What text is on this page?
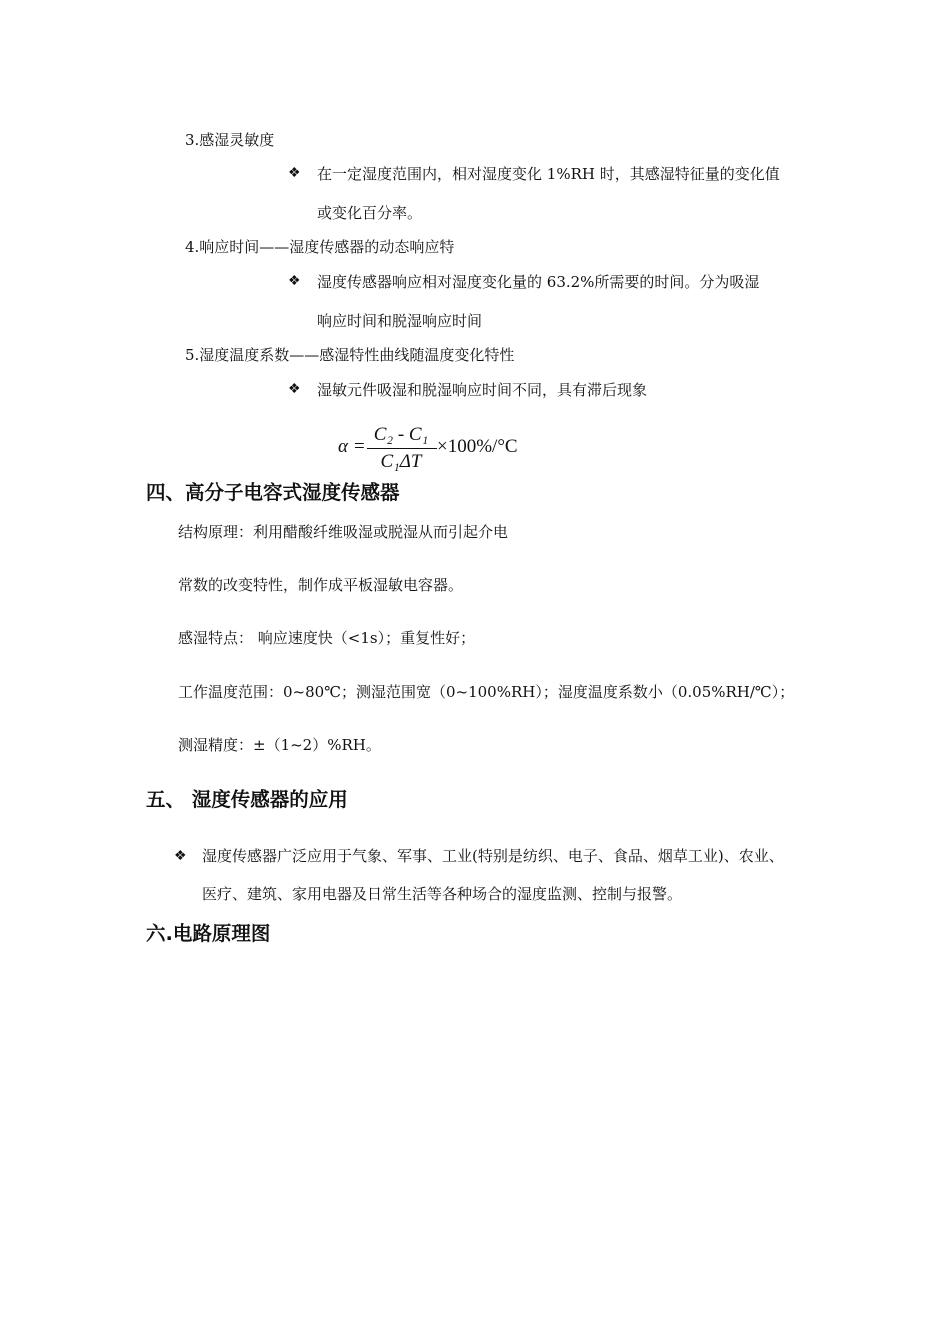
3.感湿灵敏度
❖ 在一定湿度范围内，相对湿度变化 1%RH 时，其感湿特征量的变化值
或变化百分率。
4.响应时间——湿度传感器的动态响应特
❖ 湿度传感器响应相对湿度变化量的 63.2%所需要的时间。分为吸湿
响应时间和脱湿响应时间
5.湿度温度系数——感湿特性曲线随温度变化特性
❖ 湿敏元件吸湿和脱湿响应时间不同，具有滞后现象
α =
C₂ - C₁
C₁ΔT
×100%/°C
四、高分子电容式湿度传感器
结构原理：利用醋酸纤维吸湿或脱湿从而引起介电
常数的改变特性，制作成平板湿敏电容器。
感湿特点： 响应速度快（<1s）；重复性好；
工作温度范围：0~80℃；测湿范围宽（0~100%RH）；湿度温度系数小（0.05%RH/℃）；
测湿精度：±（1~2）%RH。
五、 湿度传感器的应用
❖ 湿度传感器广泛应用于气象、军事、工业(特别是纺织、电子、食品、烟草工业)、农业、
医疗、建筑、家用电器及日常生活等各种场合的湿度监测、控制与报警。
六.电路原理图
